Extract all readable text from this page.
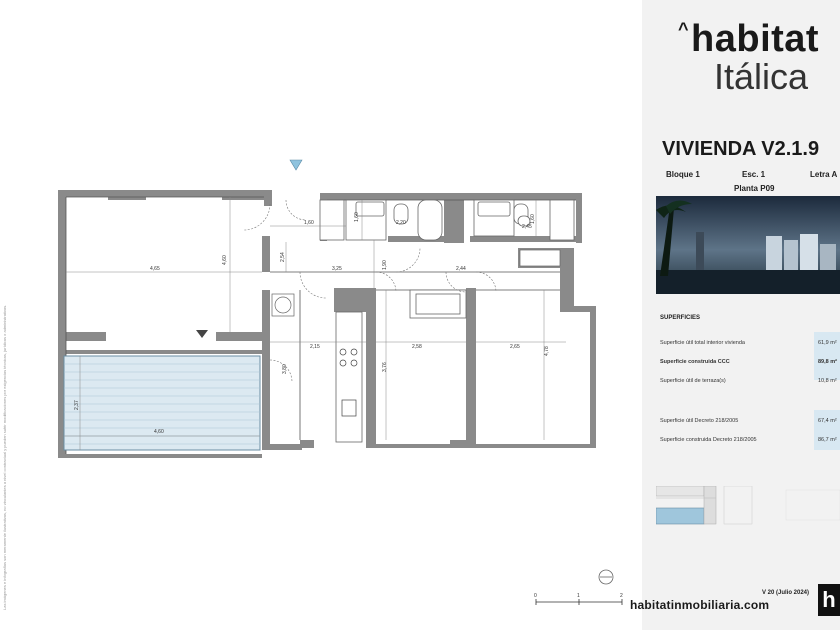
Las imágenes e infografías son meramente ilustrativas, no vinculantes a nivel contractual y pueden sufrir modificaciones por exigencias técnicas, jurídicas o administrativas.
4,65
4,60
1,60
2,54
1,60
2,20	1,60
2,45
3,25	1,90	2,44
2,15	2,58	2,65	4,78
3,76
3,80
2,37
4,60
0	1	2
^habitat
Itálica
VIVIENDA V2.1.9
Bloque 1	Esc. 1	Letra A
Planta P09
SUPERFICIES
Superficie útil total interior vivienda	61,9 m²
Superficie construida CCC	89,8 m²
Superficie útil de terraza(s)	10,8 m²
Superficie útil Decreto 218/2005	67,4 m²
Superficie construida Decreto 218/2005	86,7 m²
V 20 (Julio 2024)
habitatinmobiliaria.com h
